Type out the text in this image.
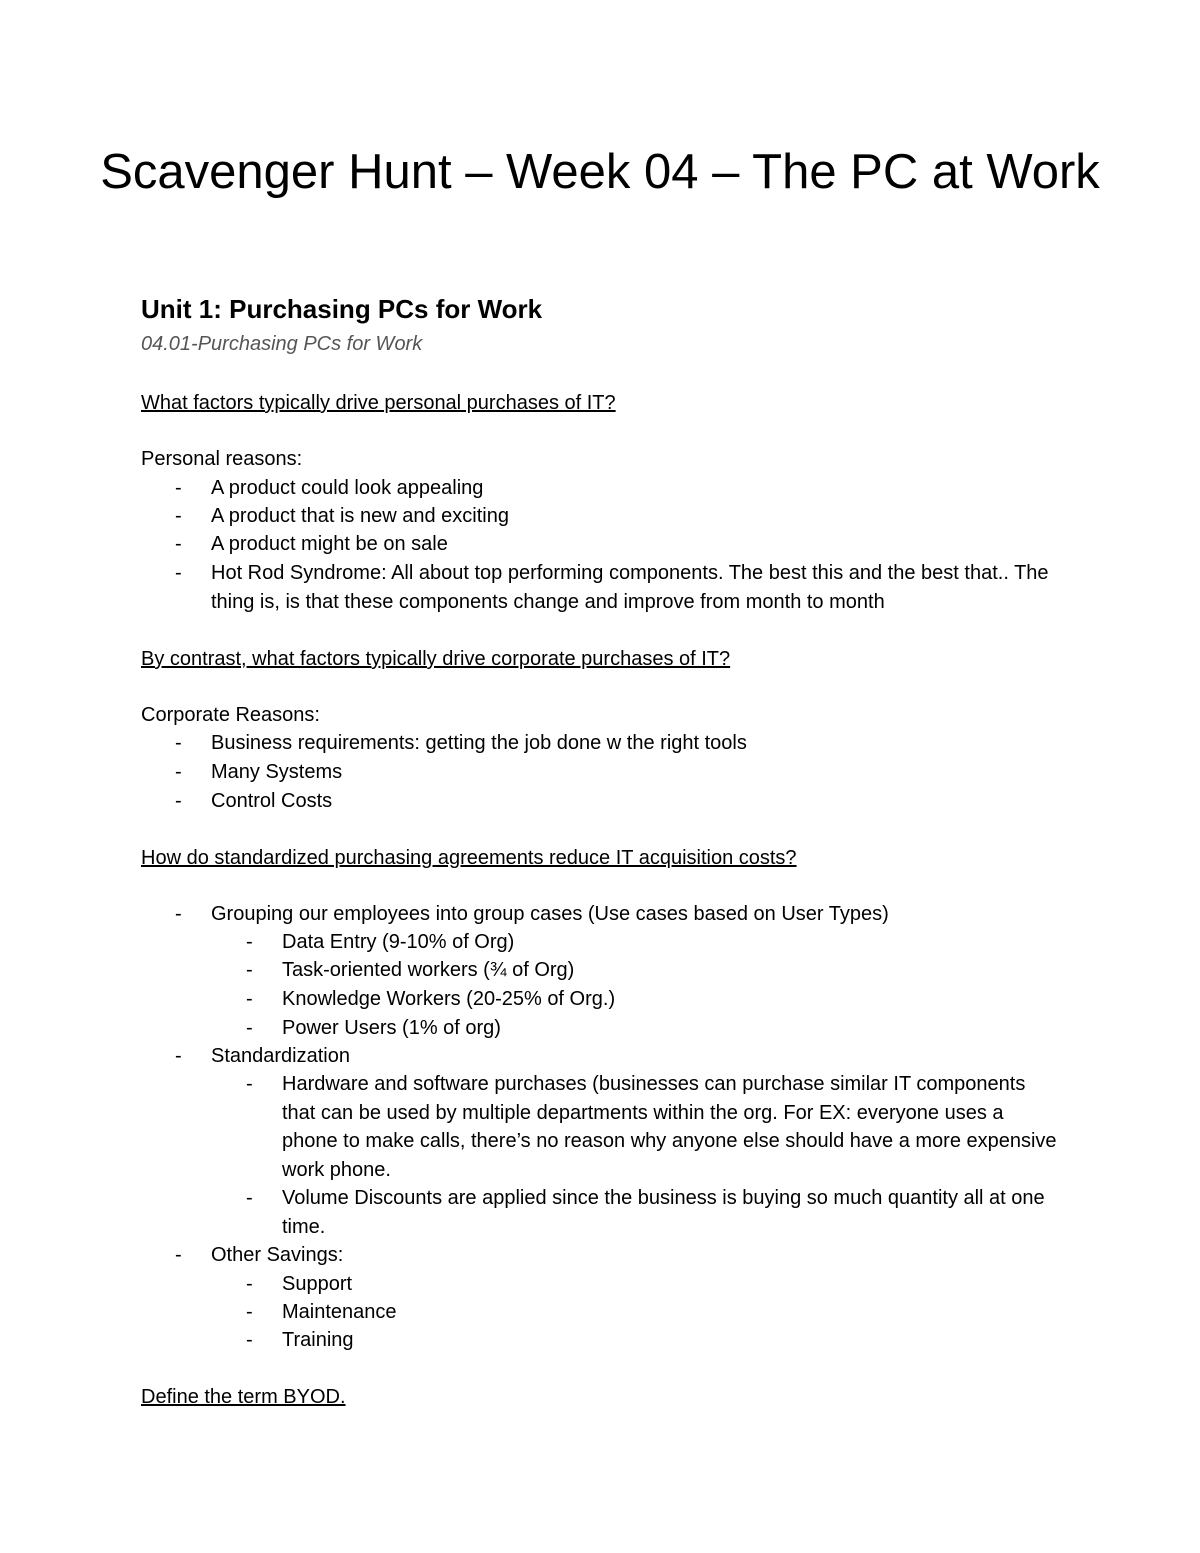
Scavenger Hunt – Week 04 – The PC at Work
Unit 1: Purchasing PCs for Work

04.01-Purchasing PCs for Work

What factors typically drive personal purchases of IT?

Personal reasons:

- A product could look appealing

- A product that is new and exciting

- A product might be on sale

- Hot Rod Syndrome: All about top performing components. The best this and the best that.. The thing is, is that these components change and improve from month to month

By contrast, what factors typically drive corporate purchases of IT?

Corporate Reasons:

- Business requirements: getting the job done w the right tools

- Many Systems

- Control Costs

How do standardized purchasing agreements reduce IT acquisition costs?

- Grouping our employees into group cases (Use cases based on User Types)

- Data Entry (9-10% of Org)

- Task-oriented workers (¾ of Org)

- Knowledge Workers (20-25% of Org.)

- Power Users (1% of org)

- Standardization

- Hardware and software purchases (businesses can purchase similar IT components that can be used by multiple departments within the org. For EX: everyone uses a phone to make calls, there’s no reason why anyone else should have a more expensive work phone.

- Volume Discounts are applied since the business is buying so much quantity all at one time.

- Other Savings:

- Support

- Maintenance

- Training

Define the term BYOD.
